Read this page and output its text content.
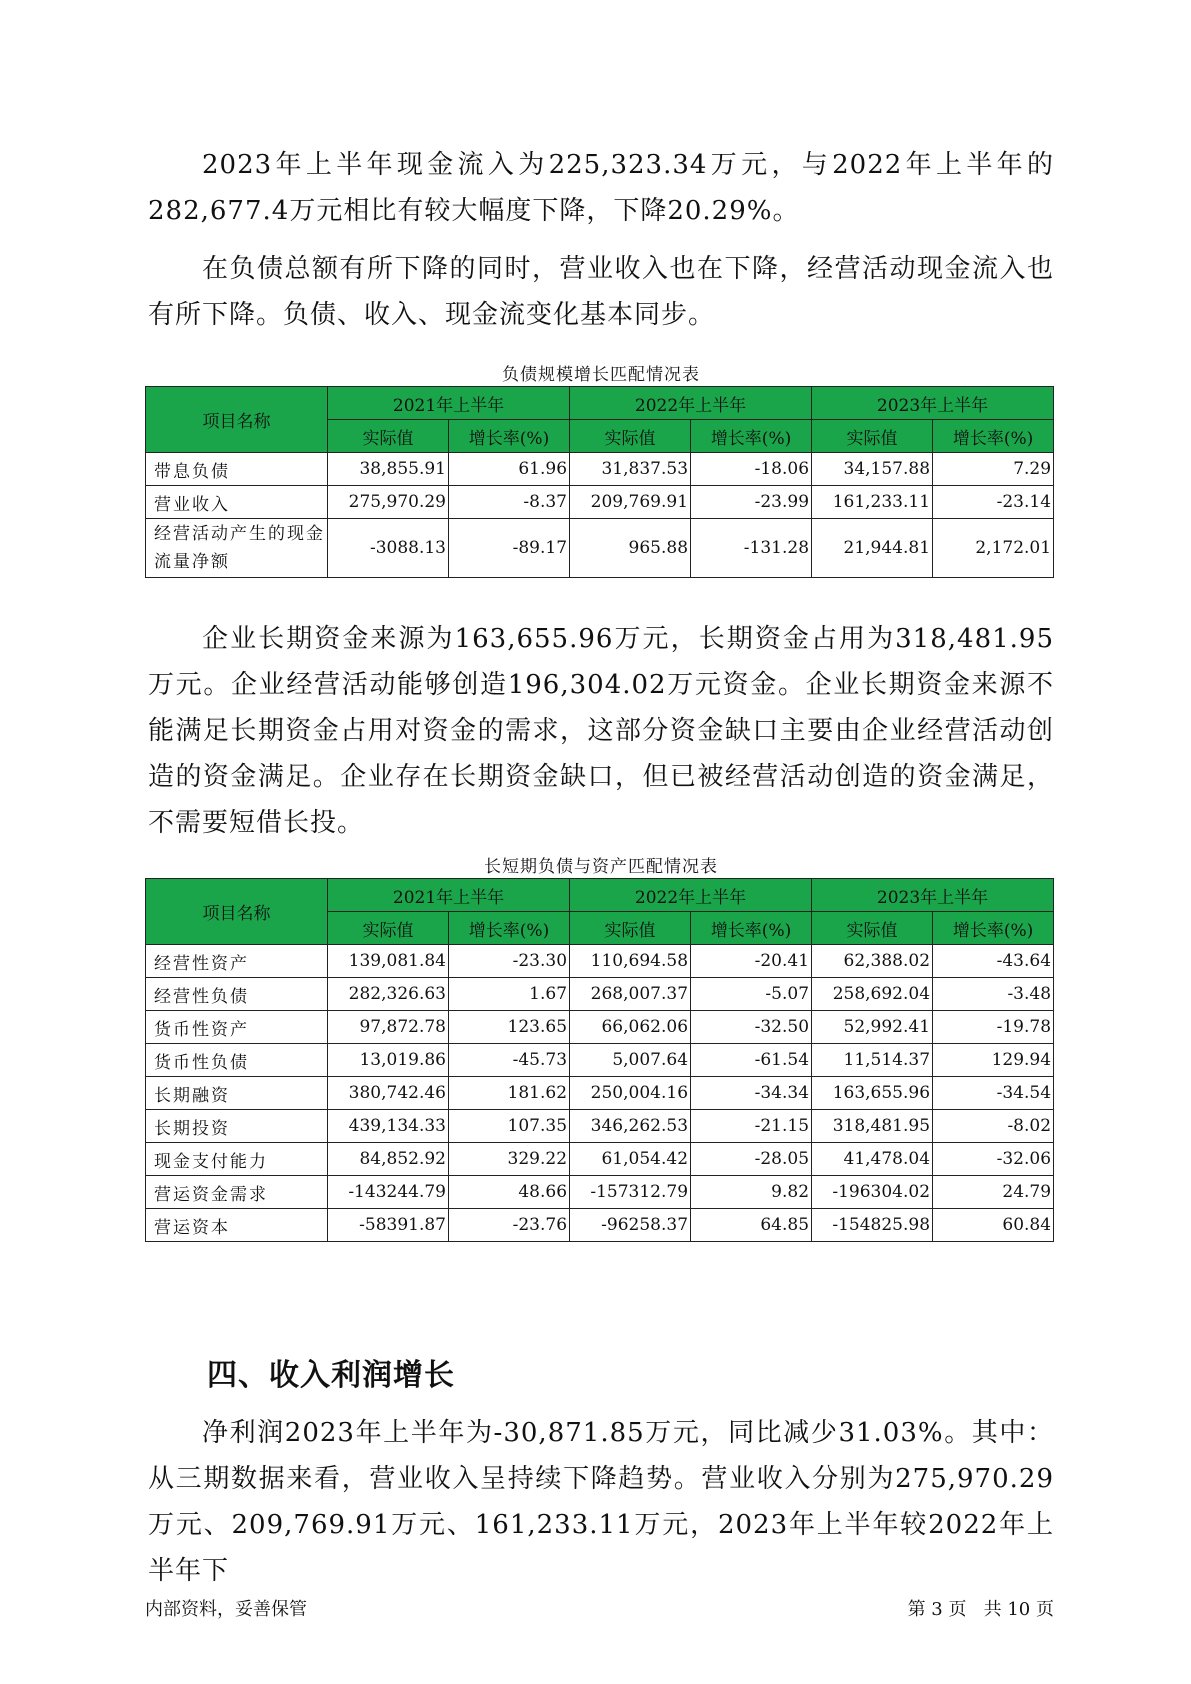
2023年上半年现金流入为225,323.34万元，与2022年上半年的282,677.4万元相比有较大幅度下降，下降20.29%。

在负债总额有所下降的同时，营业收入也在下降，经营活动现金流入也有所下降。负债、收入、现金流变化基本同步。

负债规模增长匹配情况表
项目名称	2021年上半年		2022年上半年		2023年上半年	
	实际值	增长率(%)	实际值	增长率(%)	实际值	增长率(%)
带息负债	38,855.91	61.96	31,837.53	-18.06	34,157.88	7.29
营业收入	275,970.29	-8.37	209,769.91	-23.99	161,233.11	-23.14
经营活动产生的现金流量净额	-3088.13	-89.17	965.88	-131.28	21,944.81	2,172.01

企业长期资金来源为163,655.96万元，长期资金占用为318,481.95万元。企业经营活动能够创造196,304.02万元资金。企业长期资金来源不能满足长期资金占用对资金的需求，这部分资金缺口主要由企业经营活动创造的资金满足。企业存在长期资金缺口，但已被经营活动创造的资金满足，不需要短借长投。

长短期负债与资产匹配情况表
项目名称	2021年上半年		2022年上半年		2023年上半年	
	实际值	增长率(%)	实际值	增长率(%)	实际值	增长率(%)
经营性资产	139,081.84	-23.30	110,694.58	-20.41	62,388.02	-43.64
经营性负债	282,326.63	1.67	268,007.37	-5.07	258,692.04	-3.48
货币性资产	97,872.78	123.65	66,062.06	-32.50	52,992.41	-19.78
货币性负债	13,019.86	-45.73	5,007.64	-61.54	11,514.37	129.94
长期融资	380,742.46	181.62	250,004.16	-34.34	163,655.96	-34.54
长期投资	439,134.33	107.35	346,262.53	-21.15	318,481.95	-8.02
现金支付能力	84,852.92	329.22	61,054.42	-28.05	41,478.04	-32.06
营运资金需求	-143244.79	48.66	-157312.79	9.82	-196304.02	24.79
营运资本	-58391.87	-23.76	-96258.37	64.85	-154825.98	60.84
四、收入利润增长

净利润2023年上半年为-30,871.85万元，同比减少31.03%。其中：从三期数据来看，营业收入呈持续下降趋势。营业收入分别为275,970.29万元、209,769.91万元、161,233.11万元，2023年上半年较2022年上半年下

内部资料，妥善保管	第 3 页   共 10 页
